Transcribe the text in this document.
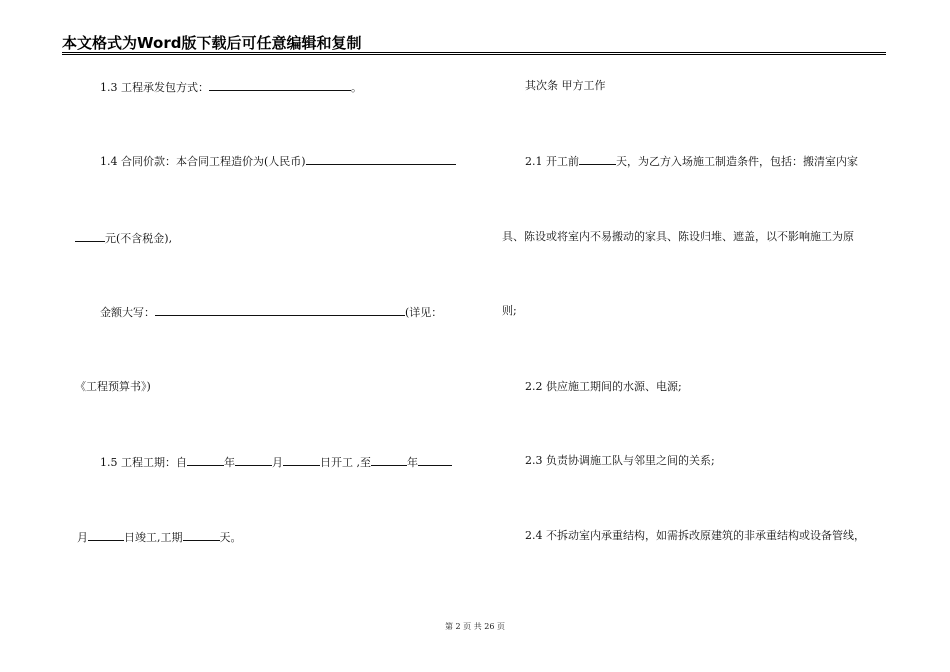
本文格式为Word版下载后可任意编辑和复制
1.3 工程承发包方式：	。
1.4 合同价款：本合同工程造价为(人民币)
元(不含税金),
金额大写：	(详见：
《工程预算书》)
1.5 工程工期：自	年	月	日开工 ,至	年
月	日竣工,工期	天。
其次条 甲方工作
2.1 开工前	天，为乙方入场施工制造条件，包括：搬清室内家
具、陈设或将室内不易搬动的家具、陈设归堆、遮盖，以不影响施工为原
则;
2.2 供应施工期间的水源、电源;
2.3 负责协调施工队与邻里之间的关系;
2.4 不拆动室内承重结构，如需拆改原建筑的非承重结构或设备管线，
第 2 页 共 26 页
